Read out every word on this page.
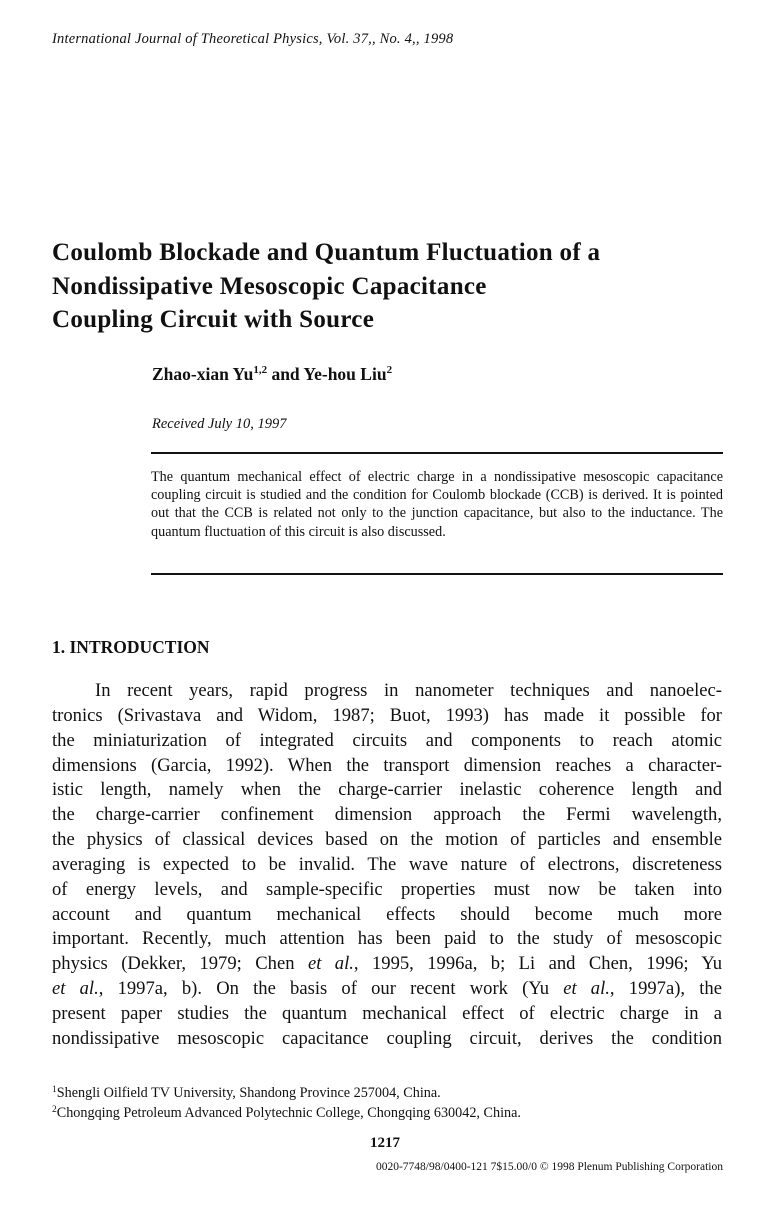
International Journal of Theoretical Physics, Vol. 37,, No. 4,, 1998
Coulomb Blockade and Quantum Fluctuation of a
Nondissipative Mesoscopic Capacitance
Coupling Circuit with Source
Zhao-xian Yu$^{1,2}$ and Ye-hou Liu$^2$
Received July 10, 1997
The quantum mechanical effect of electric charge in a nondissipative mesoscopic capacitance coupling circuit is studied and the condition for Coulomb blockade (CCB) is derived. It is pointed out that the CCB is related not only to the junction capacitance, but also to the inductance. The quantum fluctuation of this circuit is also discussed.
1. INTRODUCTION
In recent years, rapid progress in nanometer techniques and nanoelec-
tronics (Srivastava and Widom, 1987; Buot, 1993) has made it possible for
the miniaturization of integrated circuits and components to reach atomic
dimensions (Garcia, 1992). When the transport dimension reaches a character-
istic length, namely when the charge-carrier inelastic coherence length and
the charge-carrier confinement dimension approach the Fermi wavelength,
the physics of classical devices based on the motion of particles and ensemble
averaging is expected to be invalid. The wave nature of electrons, discreteness
of energy levels, and sample-specific properties must now be taken into
account and quantum mechanical effects should become much more
important. Recently, much attention has been paid to the study of mesoscopic
physics (Dekker, 1979; Chen et al., 1995, 1996a, b; Li and Chen, 1996; Yu
et al., 1997a, b). On the basis of our recent work (Yu et al., 1997a), the
present paper studies the quantum mechanical effect of electric charge in a
nondissipative mesoscopic capacitance coupling circuit, derives the condition
$^1$Shengli Oilfield TV University, Shandong Province 257004, China.
$^2$Chongqing Petroleum Advanced Polytechnic College, Chongqing 630042, China.
1217
0020-7748/98/0400-121 7$15.00/0 © 1998 Plenum Publishing Corporation
